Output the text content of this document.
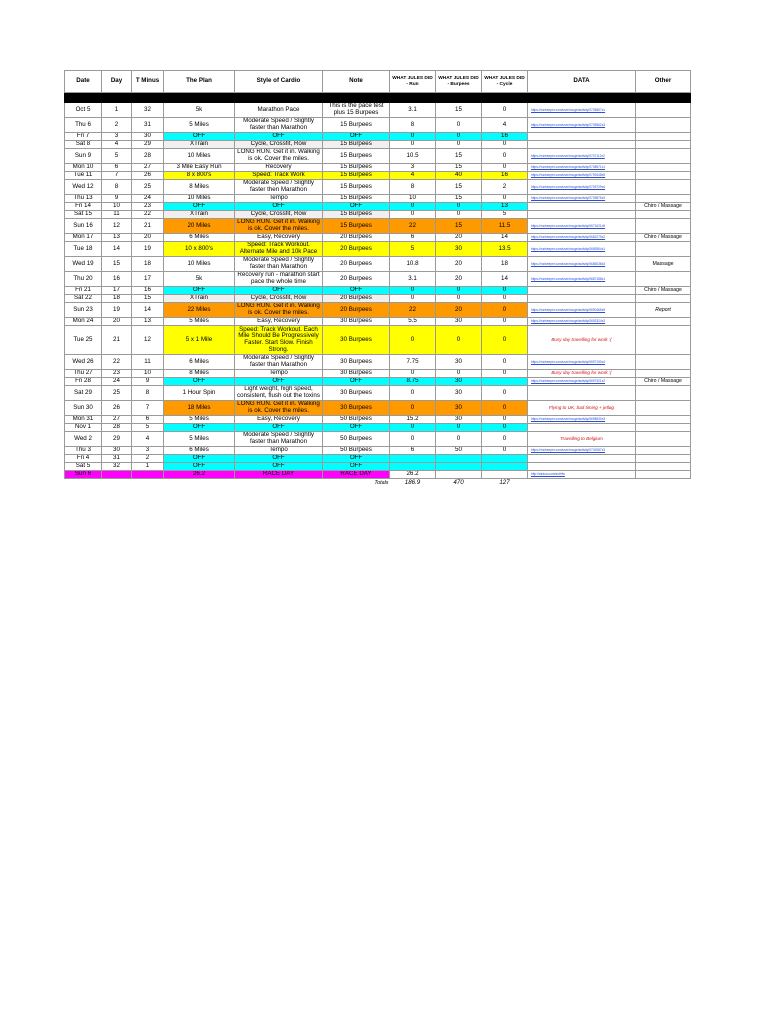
Date	Day	T Minus	The Plan	Style of Cardio	Note	WHAT JULES DID - Run	WHAT JULES DID - Burpees	WHAT JULES DID - Cycle	DATA	Other

Oct 5	1	32	5k	Marathon Pace	This is the pace test plus 15 Burpees	3.1	15	0	https://runkeeper.com/user/rouge/activity/0705557x1	
Thu 6	2	31	5 Miles	Moderate Speed / Slightly faster than Marathon	15 Burpees	8	0	4	https://runkeeper.com/user/rouge/activity/0705562x3	
Fri 7	3	30	OFF	OFF	OFF	0	0	16		
Sat 8	4	29	XTrain	Cycle, Crossfit, Row	15 Burpees	0	0	0		
Sun 9	5	28	10 Miles	LONG RUN. Get it in. Walking is ok. Cover the miles.	15 Burpees	10.5	15	0	https://runkeeper.com/user/rouge/activity/0707112x2	
Mon 10	6	27	3 Mile Easy Run	Recovery	15 Burpees	3	15	0	https://runkeeper.com/user/rouge/activity/0708571x1	
Tue 11	7	26	8 x 800's	Speed: Track Work	15 Burpees	4	40	16	https://runkeeper.com/user/rouge/activity/0709448x5	
Wed 12	8	25	8 Miles	Moderate Speed / Slightly faster then Marathon	15 Burpees	8	15	2	https://runkeeper.com/user/rouge/activity/0709729x4	
Thu 13	9	24	10 Miles	Tempo	15 Burpees	10	15	0	https://runkeeper.com/user/rouge/activity/0709875x3	
Fri 14	10	23	OFF	OFF	OFF	0	0	13		Chiro / Massage
Sat 15	11	22	XTrain	Cycle, Crossfit, Row	15 Burpees	0	0	5		
Sun 16	12	21	20 Miles	LONG RUN. Get it in. Walking is ok. Cover the miles.	15 Burpees	22	15	11.5	https://runkeeper.com/user/rouge/activity/0671621x5	
Mon 17	13	20	6 Miles	Easy, Recovery	20 Burpees	6	20	14	https://runkeeper.com/user/rouge/activity/0682279x2	Chiro / Massage
Tue 18	14	19	10 x 800's	Speed: Track Workout. Alternate Mile and 10k Pace	20 Burpees	5	30	13.5	https://runkeeper.com/user/rouge/activity/0683964x1	
Wed 19	15	18	10 Miles	Moderate Speed / Slightly faster than Marathon	20 Burpees	10.8	20	18	https://runkeeper.com/user/rouge/activity/0685038x3	Massage
Thu 20	16	17	5k	Recovery run - marathon start pace the whole time	20 Burpees	3.1	20	14	https://runkeeper.com/user/rouge/activity/0687188x1	
Fri 21	17	16	OFF	OFF	OFF	0	0	0		Chiro / Massage
Sat 22	18	15	XTrain	Cycle, Crossfit, Row	20 Burpees	0	0	0		
Sun 23	19	14	22 Miles	LONG RUN. Get it in. Walking is ok. Cover the miles.	20 Burpees	22	20	0	https://runkeeper.com/user/rouge/activity/0690465x5	Report
Mon 24	20	13	5 Miles	Easy, Recovery	30 Burpees	5.5	30	0	https://runkeeper.com/user/rouge/activity/0692324x3	
Tue 25	21	12	5 x 1 Mile	Speed: Track Workout. Each Mile Should Be Progressively Faster. Start Slow. Finish Strong.	30 Burpees	0	0	0	Busy day travelling for work :(	
Wed 26	22	11	6 Miles	Moderate Speed / Slightly faster than Marathon	30 Burpees	7.75	30	0	https://runkeeper.com/user/rouge/activity/0697150x4	
Thu 27	23	10	8 Miles	Tempo	30 Burpees	0	0	0	Busy day travelling for work :(	
Fri 28	24	9	OFF	OFF	OFF	8.75	30		https://runkeeper.com/user/rouge/activity/0697321x2	Chiro / Massage
Sat 29	25	8	1 Hour Spin	Light weight, high speed, consistent, flush out the toxins	30 Burpees	0	30	0		
Sun 30	26	7	18 Miles	LONG RUN. Get it in. Walking is ok. Cover the miles.	30 Burpees	0	30	0	Flying to UK, bad timing + jetlag	
Mon 31	27	6	5 Miles	Easy, Recovery	50 Burpees	15.2	30	0	https://runkeeper.com/user/rouge/activity/0698530x3	
Nov 1	28	5	OFF	OFF	OFF	0	0	0		
Wed 2	29	4	5 Miles	Moderate Speed / Slightly faster than Marathon	50 Burpees	0	0	0	Travelling to Belgium	
Thu 3	30	3	6 Miles	Tempo	50 Burpees	6	50	0	https://runkeeper.com/user/rouge/activity/0702087x3	
Fri 4	31	2	OFF	OFF	OFF					
Sat 5	32	1	OFF	OFF	OFF					
Sun 6			26.2	RACE DAY	RACE DAY	26.2			http://strava.com/act/rfw	
Totals						186.9	470	127		
